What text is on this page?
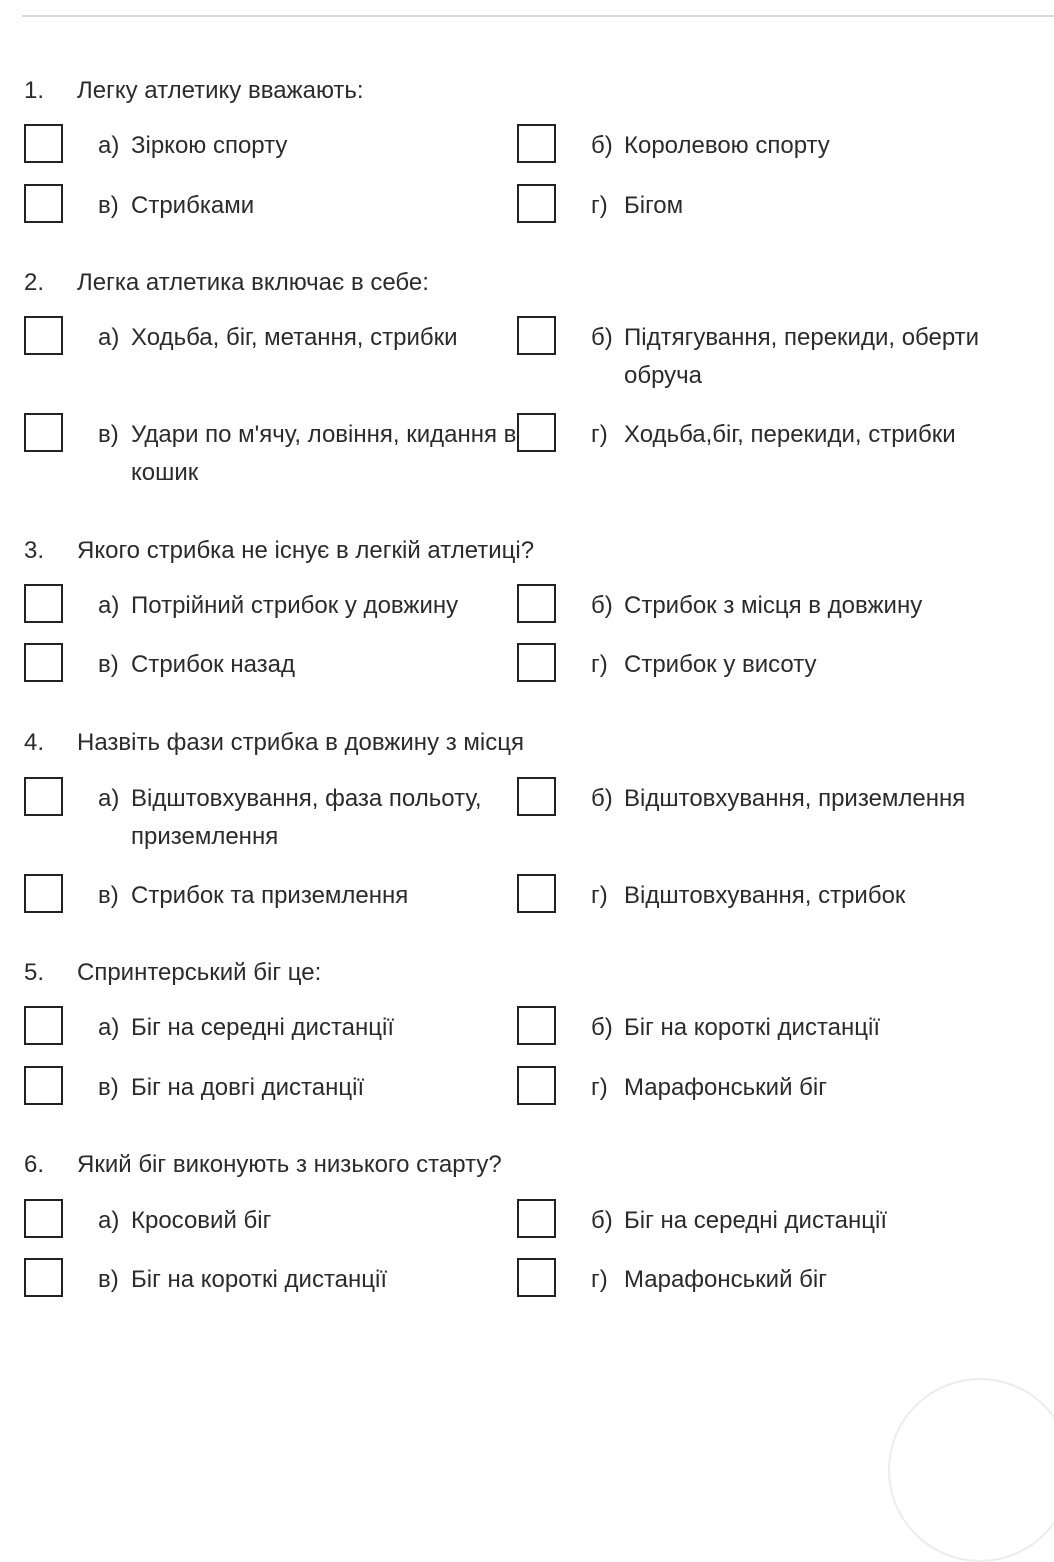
1. Легку атлетику вважають:
а) Зіркою спорту	б) Королевою спорту
в) Стрибками	г) Бігом
2. Легка атлетика включає в себе:
а) Ходьба, біг, метання, стрибки	б) Підтягування, перекиди, оберти обруча
в) Удари по м'ячу, ловіння, кидання в кошик
г) Ходьба,біг, перекиди, стрибки
3. Якого стрибка не існує в легкій атлетиці?
а) Потрійний стрибок у довжину	б) Стрибок з місця в довжину
в) Стрибок назад	г) Стрибок у висоту
4. Назвіть фази стрибка в довжину з місця
а) Відштовхування, фаза польоту, приземлення
б) Відштовхування, приземлення
в) Стрибок та приземлення	г) Відштовхування, стрибок
5. Спринтерський біг це:
а) Біг на середні дистанції	б) Біг на короткі дистанції
в) Біг на довгі дистанції	г) Марафонський біг
6. Який біг виконують з низького старту?
а) Кросовий біг	б) Біг на середні дистанції
в) Біг на короткі дистанції	г) Марафонський біг
